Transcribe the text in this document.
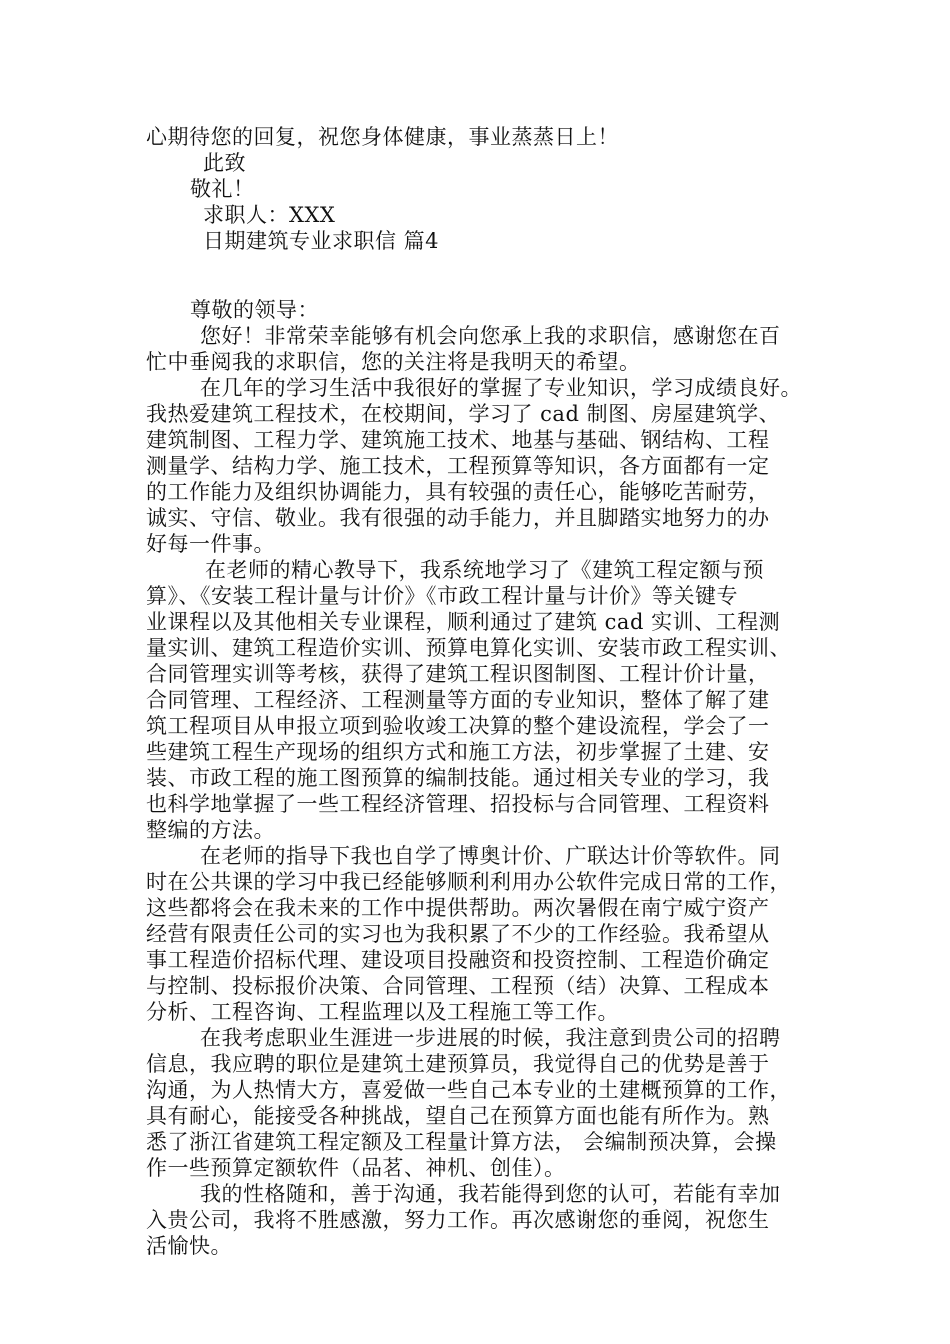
心期待您的回复，祝您身体健康，事业蒸蒸日上！
此致
敬礼！
求职人：XXX
日期建筑专业求职信 篇4
尊敬的领导：
您好！非常荣幸能够有机会向您承上我的求职信，感谢您在百
忙中垂阅我的求职信，您的关注将是我明天的希望。
在几年的学习生活中我很好的掌握了专业知识，学习成绩良好。
我热爱建筑工程技术，在校期间，学习了 cad 制图、房屋建筑学、
建筑制图、工程力学、建筑施工技术、地基与基础、钢结构、工程
测量学、结构力学、施工技术，工程预算等知识，各方面都有一定
的工作能力及组织协调能力，具有较强的责任心，能够吃苦耐劳，
诚实、守信、敬业。我有很强的动手能力，并且脚踏实地努力的办
好每一件事。
在老师的精心教导下，我系统地学习了《建筑工程定额与预
算》、《安装工程计量与计价》《市政工程计量与计价》等关键专
业课程以及其他相关专业课程，顺利通过了建筑 cad 实训、工程测
量实训、建筑工程造价实训、预算电算化实训、安装市政工程实训、
合同管理实训等考核，获得了建筑工程识图制图、工程计价计量，
合同管理、工程经济、工程测量等方面的专业知识，整体了解了建
筑工程项目从申报立项到验收竣工决算的整个建设流程，学会了一
些建筑工程生产现场的组织方式和施工方法，初步掌握了土建、安
装、市政工程的施工图预算的编制技能。通过相关专业的学习，我
也科学地掌握了一些工程经济管理、招投标与合同管理、工程资料
整编的方法。
在老师的指导下我也自学了博奥计价、广联达计价等软件。同
时在公共课的学习中我已经能够顺利利用办公软件完成日常的工作，
这些都将会在我未来的工作中提供帮助。两次暑假在南宁威宁资产
经营有限责任公司的实习也为我积累了不少的工作经验。我希望从
事工程造价招标代理、建设项目投融资和投资控制、工程造价确定
与控制、投标报价决策、合同管理、工程预（结）决算、工程成本
分析、工程咨询、工程监理以及工程施工等工作。
在我考虑职业生涯进一步进展的时候，我注意到贵公司的招聘
信息，我应聘的职位是建筑土建预算员，我觉得自己的优势是善于
沟通，为人热情大方，喜爱做一些自己本专业的土建概预算的工作，
具有耐心，能接受各种挑战，望自己在预算方面也能有所作为。熟
悉了浙江省建筑工程定额及工程量计算方法， 会编制预决算，会操
作一些预算定额软件（品茗、神机、创佳）。
我的性格随和，善于沟通，我若能得到您的认可，若能有幸加
入贵公司，我将不胜感激，努力工作。再次感谢您的垂阅，祝您生
活愉快。
